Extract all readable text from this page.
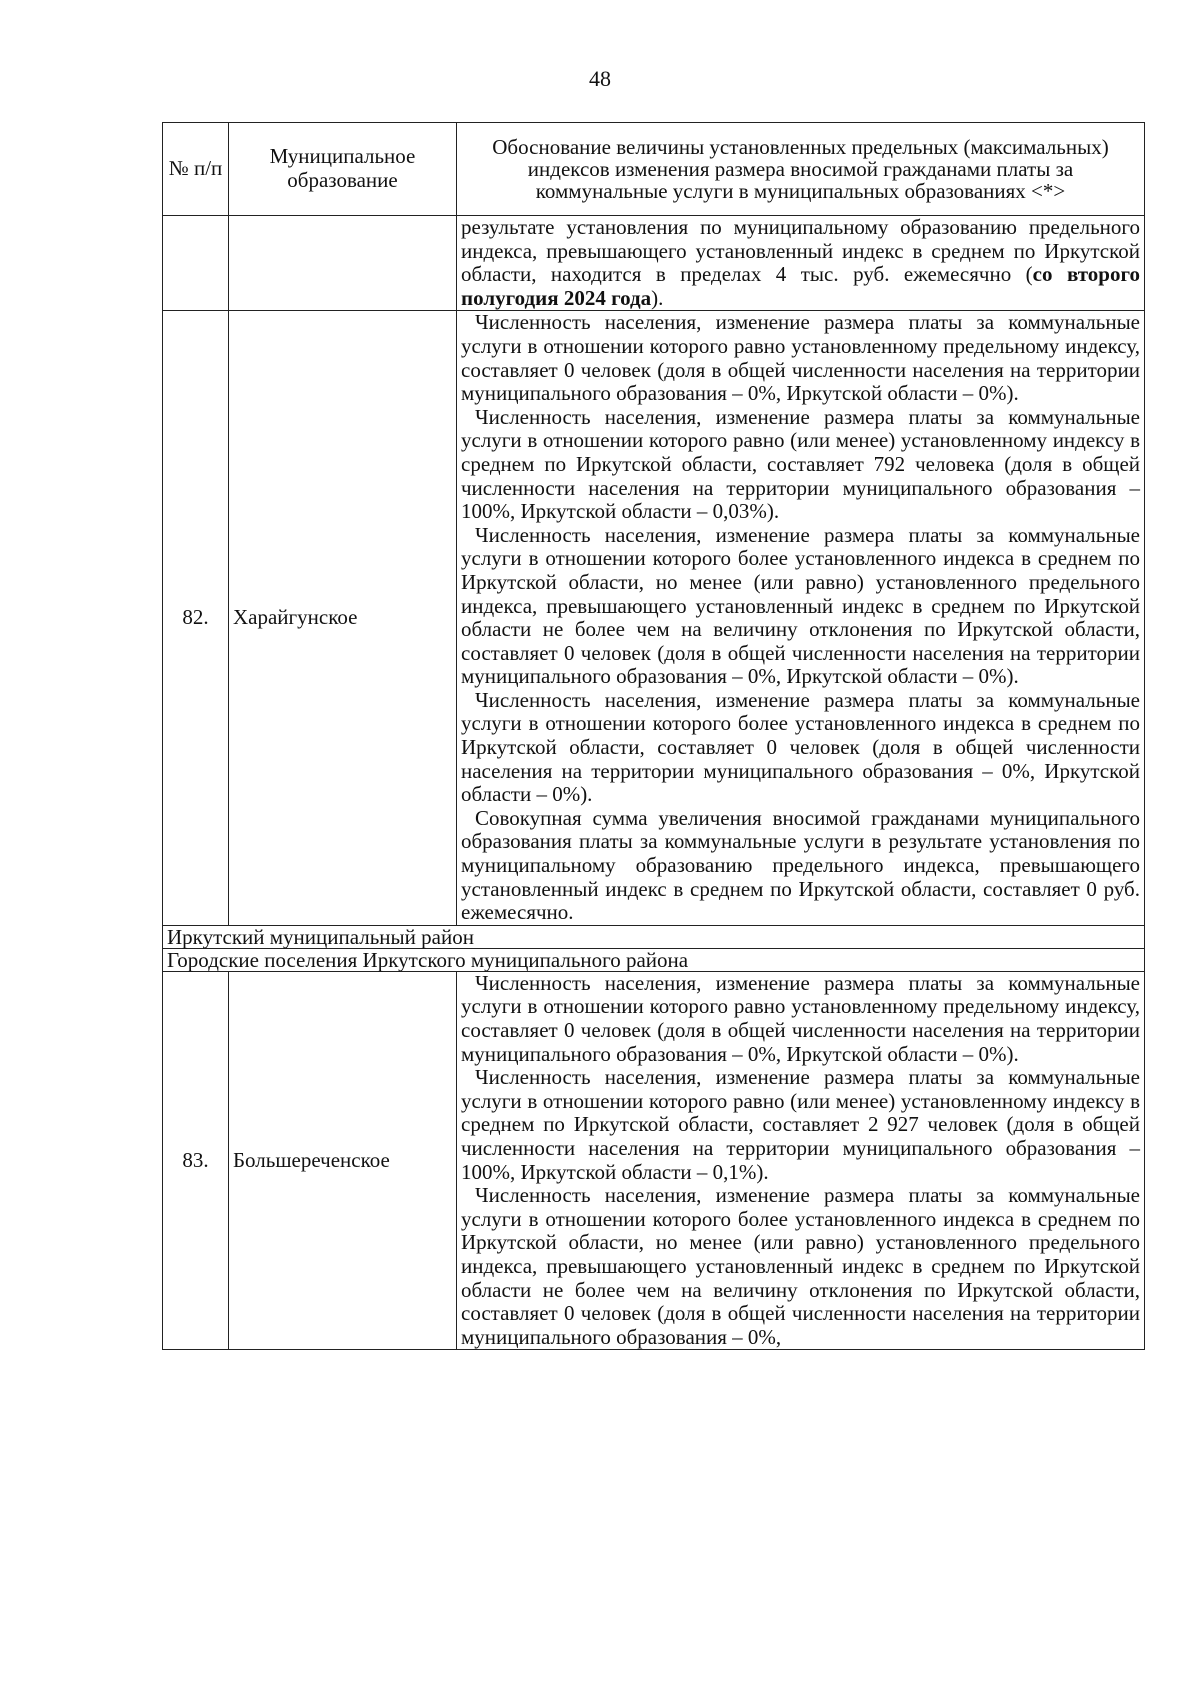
48
№ п/п	Муниципальное образование	Обоснование величины установленных предельных (максимальных) индексов изменения размера вносимой гражданами платы за коммунальные услуги в муниципальных образованиях <*>

		результате установления по муниципальному образованию предельного индекса, превышающего установленный индекс в среднем по Иркутской области, находится в пределах 4 тыс. руб. ежемесячно (со второго полугодия 2024 года).

82.	Харайгунское	Численность населения, изменение размера платы за коммунальные услуги в отношении которого равно установленному предельному индексу, составляет 0 человек (доля в общей численности населения на территории муниципального образования – 0%, Иркутской области – 0%).

Численность населения, изменение размера платы за коммунальные услуги в отношении которого равно (или менее) установленному индексу в среднем по Иркутской области, составляет 792 человека (доля в общей численности населения на территории муниципального образования – 100%, Иркутской области – 0,03%).

Численность населения, изменение размера платы за коммунальные услуги в отношении которого более установленного индекса в среднем по Иркутской области, но менее (или равно) установленного предельного индекса, превышающего установленный индекс в среднем по Иркутской области не более чем на величину отклонения по Иркутской области, составляет 0 человек (доля в общей численности населения на территории муниципального образования – 0%, Иркутской области – 0%).

Численность населения, изменение размера платы за коммунальные услуги в отношении которого более установленного индекса в среднем по Иркутской области, составляет 0 человек (доля в общей численности населения на территории муниципального образования – 0%, Иркутской области – 0%).

Совокупная сумма увеличения вносимой гражданами муниципального образования платы за коммунальные услуги в результате установления по муниципальному образованию предельного индекса, превышающего установленный индекс в среднем по Иркутской области, составляет 0 руб. ежемесячно.

Иркутский муниципальный район		
Городские поселения Иркутского муниципального района		
83.	Большереченское	Численность населения, изменение размера платы за коммунальные услуги в отношении которого равно установленному предельному индексу, составляет 0 человек (доля в общей численности населения на территории муниципального образования – 0%, Иркутской области – 0%).

Численность населения, изменение размера платы за коммунальные услуги в отношении которого равно (или менее) установленному индексу в среднем по Иркутской области, составляет 2 927 человек (доля в общей численности населения на территории муниципального образования – 100%, Иркутской области – 0,1%).

Численность населения, изменение размера платы за коммунальные услуги в отношении которого более установленного индекса в среднем по Иркутской области, но менее (или равно) установленного предельного индекса, превышающего установленный индекс в среднем по Иркутской области не более чем на величину отклонения по Иркутской области, составляет 0 человек (доля в общей численности населения на территории муниципального образования – 0%,
